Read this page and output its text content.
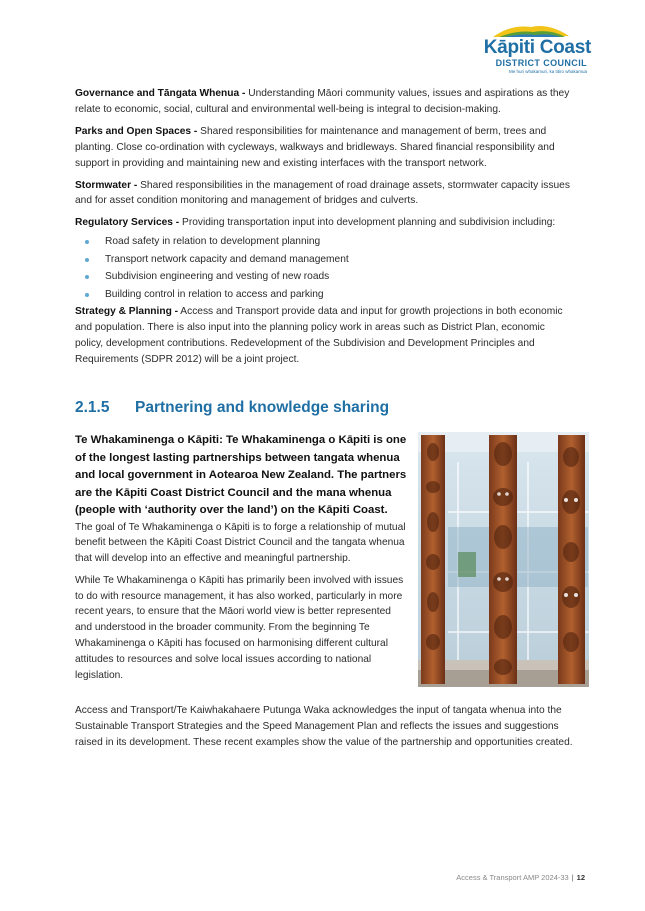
Kāpiti Coast
DISTRICT COUNCIL
Me huri whakamuri, ka titiro whakamua

Governance and Tāngata Whenua - Understanding Māori community values, issues and aspirations as they relate to economic, social, cultural and environmental well-being is integral to decision-making.

Parks and Open Spaces - Shared responsibilities for maintenance and management of berm, trees and planting. Close co-ordination with cycleways, walkways and bridleways. Shared financial responsibility and support in providing and maintaining new and existing interfaces with the transport network.

Stormwater - Shared responsibilities in the management of road drainage assets, stormwater capacity issues and for asset condition monitoring and management of bridges and culverts.

Regulatory Services - Providing transportation input into development planning and subdivision including:

Road safety in relation to development planning
Transport network capacity and demand management
Subdivision engineering and vesting of new roads
Building control in relation to access and parking

Strategy & Planning - Access and Transport provide data and input for growth projections in both economic and population. There is also input into the planning policy work in areas such as District Plan, economic policy, development contributions. Redevelopment of the Subdivision and Development Principles and Requirements (SDPR 2012) will be a joint project.

2.1.5 Partnering and knowledge sharing

Te Whakaminenga o Kāpiti: Te Whakaminenga o Kāpiti is one of the longest lasting partnerships between tangata whenua and local government in Aotearoa New Zealand. The partners are the Kāpiti Coast District Council and the mana whenua (people with ‘authority over the land’) on the Kāpiti Coast.

The goal of Te Whakaminenga o Kāpiti is to forge a relationship of mutual benefit between the Kāpiti Coast District Council and the tangata whenua that will develop into an effective and meaningful partnership.

While Te Whakaminenga o Kāpiti has primarily been involved with issues to do with resource management, it has also worked, particularly in more recent years, to ensure that the Māori world view is better represented and understood in the broader community. From the beginning Te Whakaminenga o Kāpiti has focused on harmonising different cultural attitudes to resources and solve local issues according to national legislation.

Access and Transport/Te Kaiwhakahaere Putunga Waka acknowledges the input of tangata whenua into the Sustainable Transport Strategies and the Speed Management Plan and reflects the issues and suggestions raised in its development. These recent examples show the value of the partnership and opportunities created.

Access & Transport AMP 2024-33 | 12
